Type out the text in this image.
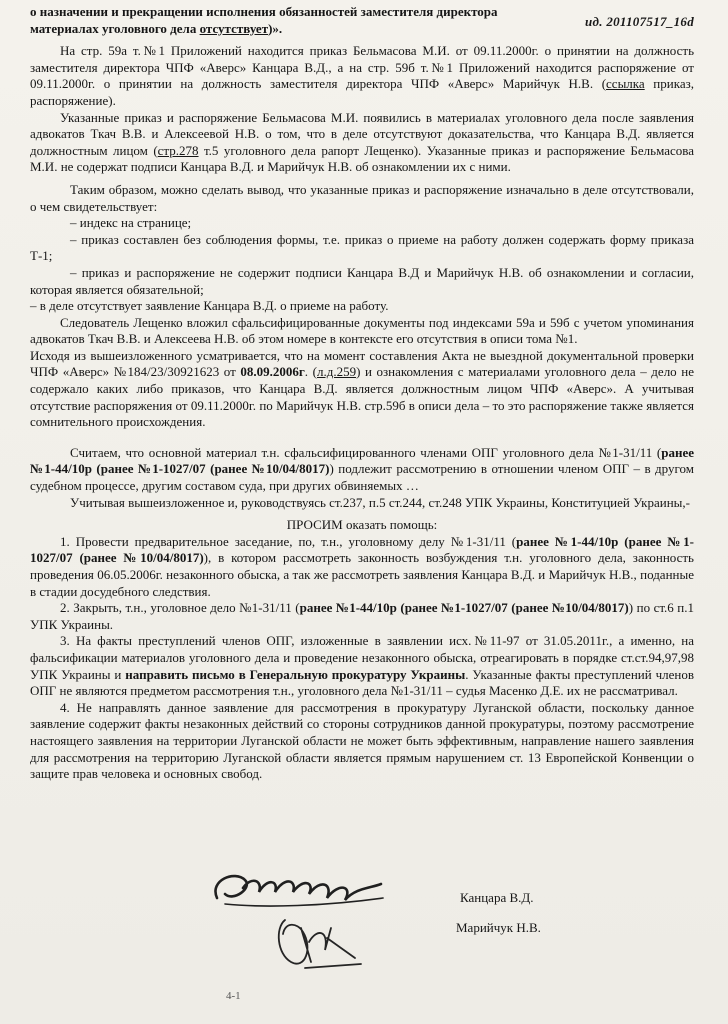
ид. 201107517_16d

о назначении и прекращении исполнения обязанностей заместителя директора

материалах уголовного дела отсутствует)».

На стр. 59а т.№1 Приложений находится приказ Бельмасова М.И. от 09.11.2000г. о принятии на должность заместителя директора ЧПФ «Аверс» Канцара В.Д., а на стр. 59б т.№1 Приложений находится распоряжение от 09.11.2000г. о принятии на должность заместителя директора ЧПФ «Аверс» Марийчук Н.В. (ссылка приказ, распоряжение).

Указанные приказ и распоряжение Бельмасова М.И. появились в материалах уголовного дела после заявления адвокатов Ткач В.В. и Алексеевой Н.В. о том, что в деле отсутствуют доказательства, что Канцара В.Д. является должностным лицом (стр.278 т.5 уголовного дела рапорт Лещенко). Указанные приказ и распоряжение Бельмасова М.И. не содержат подписи Канцара В.Д. и Марийчук Н.В. об ознакомлении их с ними.

Таким образом, можно сделать вывод, что указанные приказ и распоряжение изначально в деле отсутствовали, о чем свидетельствует:

– индекс на странице;

– приказ составлен без соблюдения формы, т.е. приказ о приеме на работу должен содержать форму приказа Т-1;

– приказ и распоряжение не содержит подписи Канцара В.Д и Марийчук Н.В. об ознакомлении и согласии, которая является обязательной;

– в деле отсутствует заявление Канцара В.Д. о приеме на работу.

Следователь Лещенко вложил сфальсифицированные документы под индексами 59а и 59б с учетом упоминания адвокатов Ткач В.В. и Алексеева Н.В. об этом номере в контексте его отсутствия в описи тома №1.

Исходя из вышеизложенного усматривается, что на момент составления Акта не выездной документальной проверки ЧПФ «Аверс» №184/23/30921623 от 08.09.2006г. (л.д.259) и ознакомления с материалами уголовного дела – дело не содержало каких либо приказов, что Канцара В.Д. является должностным лицом ЧПФ «Аверс». А учитывая отсутствие распоряжения от 09.11.2000г. по Марийчук Н.В. стр.59б в описи дела – то это распоряжение также является сомнительного происхождения.

Считаем, что основной материал т.н. сфальсифицированного членами ОПГ уголовного дела №1-31/11 (ранее №1-44/10р (ранее №1-1027/07 (ранее №10/04/8017)) подлежит рассмотрению в отношении членом ОПГ – в другом судебном процессе, другим составом суда, при других обвиняемых …

Учитывая вышеизложенное и, руководствуясь ст.237, п.5 ст.244, ст.248 УПК Украины, Конституцией Украины,-

ПРОСИМ оказать помощь:

1. Провести предварительное заседание, по, т.н., уголовному делу №1-31/11 (ранее №1-44/10р (ранее №1-1027/07 (ранее №10/04/8017)), в котором рассмотреть законность возбуждения т.н. уголовного дела, законность проведения 06.05.2006г. незаконного обыска, а так же рассмотреть заявления Канцара В.Д. и Марийчук Н.В., поданные в стадии досудебного следствия.

2. Закрыть, т.н., уголовное дело №1-31/11 (ранее №1-44/10р (ранее №1-1027/07 (ранее №10/04/8017)) по ст.6 п.1 УПК Украины.

3. На факты преступлений членов ОПГ, изложенные в заявлении исх.№11-97 от 31.05.2011г., а именно, на фальсификации материалов уголовного дела и проведение незаконного обыска, отреагировать в порядке ст.ст.94,97,98 УПК Украины и направить письмо в Генеральную прокуратуру Украины. Указанные факты преступлений членов ОПГ не являются предметом рассмотрения т.н., уголовного дела №1-31/11 – судья Масенко Д.Е. их не рассматривал.

4. Не направлять данное заявление для рассмотрения в прокуратуру Луганской области, поскольку данное заявление содержит факты незаконных действий со стороны сотрудников данной прокуратуры, поэтому рассмотрение настоящего заявления на территории Луганской области не может быть эффективным, направление нашего заявления для рассмотрения на территорию Луганской области является прямым нарушением ст. 13 Европейской Конвенции о защите прав человека и основных свобод.

Канцара В.Д.
Марийчук Н.В.
4-1
